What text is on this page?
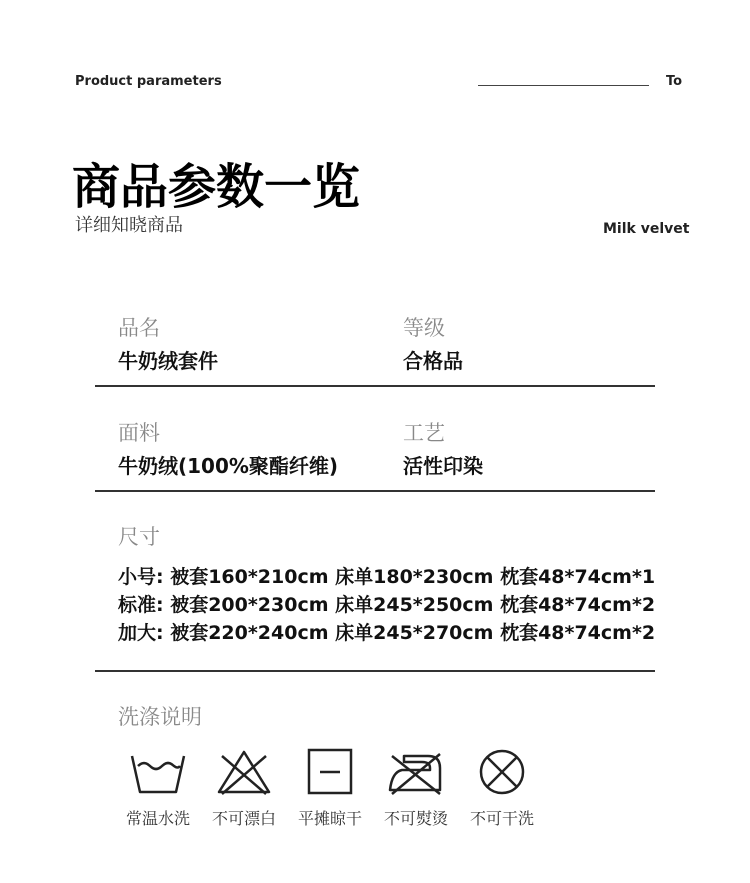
Product parameters	To
商品参数一览
详细知晓商品	Milk velvet
品名
牛奶绒套件
等级
合格品
面料
牛奶绒(100%聚酯纤维)
工艺
活性印染
尺寸
小号: 被套160*210cm 床单180*230cm 枕套48*74cm*1
标准: 被套200*230cm 床单245*250cm 枕套48*74cm*2
加大: 被套220*240cm 床单245*270cm 枕套48*74cm*2
洗涤说明
常温水洗	不可漂白	平摊晾干	不可熨烫	不可干洗
